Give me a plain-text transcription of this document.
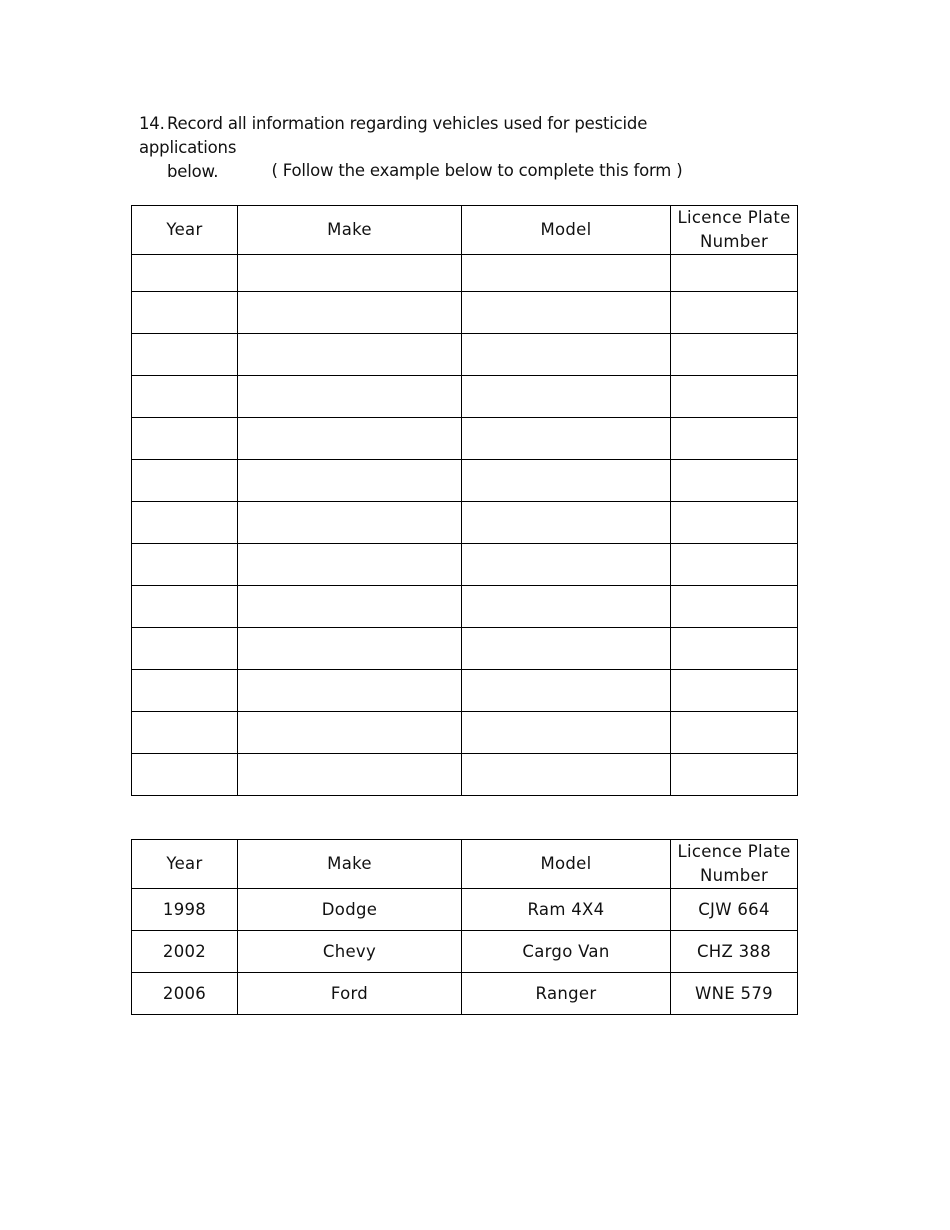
14. Record all information regarding vehicles used for pesticide applications
below.	( Follow the example below to complete this form )
Year	Make	Model	Licence Plate
Number

Year	Make	Model	Licence Plate
Number

1998	Dodge	Ram 4X4	CJW 664
2002	Chevy	Cargo Van	CHZ 388
2006	Ford	Ranger	WNE 579
